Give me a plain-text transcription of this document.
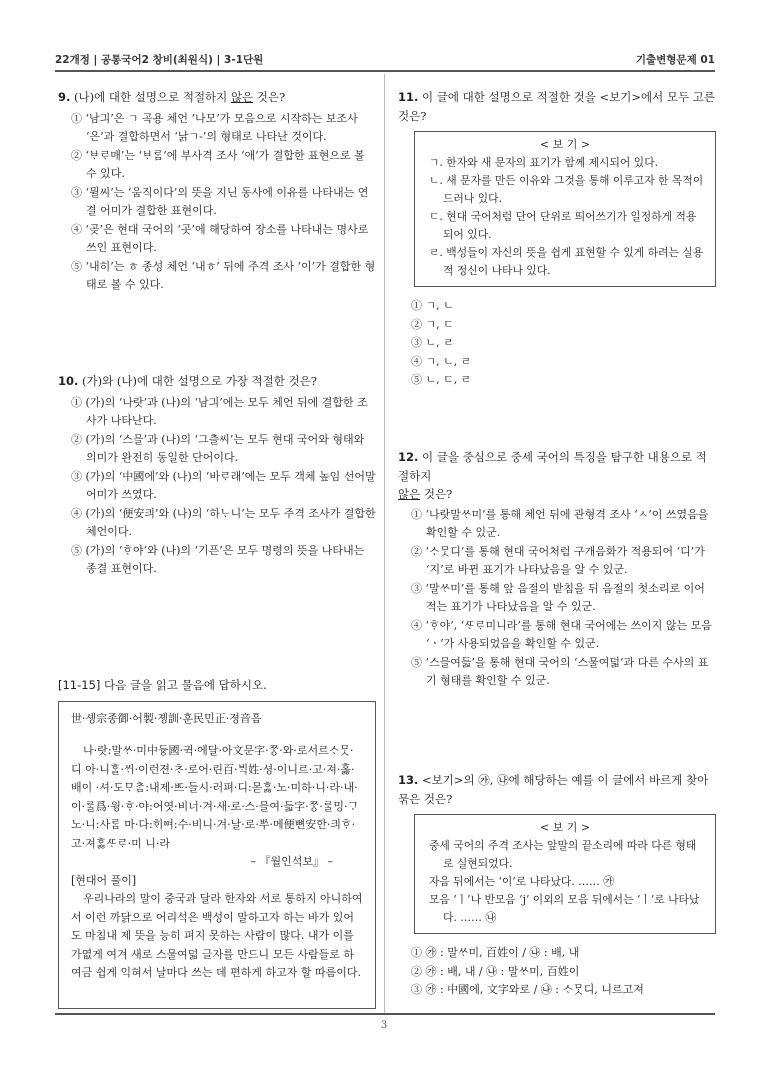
22개정 | 공통국어2 창비(최원식) | 3-1단원	기출변형문제 01

9. (나)에 대한 설명으로 적절하지 않은 것은?

① ‘남긔’은 ㄱ 곡용 체언 ‘나모’가 모음으로 시작하는 보조사 ‘은’과 결합하면서 ‘낡ㄱ-’의 형태로 나타난 것이다.

② ‘ᄇᆞᄅᆞ매’는 ‘ᄇᆞᄅᆞᆷ’에 부사격 조사 ‘애’가 결합한 표현으로 볼 수 있다.

③ ‘뮐씨’는 ‘움직이다’의 뜻을 지닌 동사에 이유를 나타내는 연결 어미가 결합한 표현이다.

④ ‘곶’은 현대 국어의 ‘곳’에 해당하여 장소를 나타내는 명사로 쓰인 표현이다.

⑤ ‘내히’는 ㅎ 종성 체언 ‘내ㅎ’ 뒤에 주격 조사 ‘이’가 결합한 형태로 볼 수 있다.

10. (가)와 (나)에 대한 설명으로 가장 적절한 것은?

① (가)의 ‘나랏’과 (나)의 ‘남긔’에는 모두 체언 뒤에 결합한 조사가 나타난다.

② (가)의 ‘스믈’과 (나)의 ‘그츨씨’는 모두 현대 국어와 형태와 의미가 완전히 동일한 단어이다.

③ (가)의 ‘中國에’와 (나)의 ‘바ᄅᆞ래’에는 모두 객체 높임 선어말 어미가 쓰였다.

④ (가)의 ‘便安킈’와 (나)의 ‘하ᄂᆞ니’는 모두 주격 조사가 결합한 체언이다.

⑤ (가)의 ‘ᄒᆞ야’와 (나)의 ‘기픈’은 모두 명령의 뜻을 나타내는 종결 표현이다.

[11-15] 다음 글을 읽고 물음에 답하시오.

世·솅宗종御·ᅌᅥ製·졩訓·훈民민正·졍音ᅙᅳᆷ

나·랏:말ᄊᆞ·미中듀ᇰ國·귁·에달·아文문字·ᄍᆞᆼ·와·로서르ᄉᆞᄆᆞᆺ·디 아·니ᄒᆞᆯ·ᄊᆡ·이런젼·ᄎᆞ·로어·린百·ᄇᆡᆨ姓·셩·이니르·고·져·홇·배이 ·셔·도ᄆᆞᄎᆞᆷ:내제·ᄠᅳ·들시·러펴·디:몯ᄒᆞᇙ·노·미하·니·라·내·이·ᄅᆞᆯ爲·윙·ᄒᆞ·야:어엿·비너·겨·새·로·스·믈여·듧字·ᄍᆞᆼ·ᄅᆞᆯ밍·ᄀᆞ노·니:사ᄅᆞᆷ 마·다:ᄒᆡᅇᅧ:수·비니·겨·날·로·ᄡᅮ·메便뼌安ᅙᅡᆫ·킈ᄒᆞ·고·져ᄒᆞᇙᄯᆞᄅᆞ·미 니·라

– 『월인석보』 –

[현대어 풀이]

우리나라의 말이 중국과 달라 한자와 서로 통하지 아니하여서 이런 까닭으로 어리석은 백성이 말하고자 하는 바가 있어도 마침내 제 뜻을 능히 펴지 못하는 사람이 많다. 내가 이를 가엾게 여겨 새로 스물여덟 글자를 만드니 모든 사람들로 하여금 쉽게 익혀서 날마다 쓰는 데 편하게 하고자 할 따름이다.

11. 이 글에 대한 설명으로 적절한 것을 <보기>에서 모두 고른 것은?

< 보 기 >

ㄱ. 한자와 새 문자의 표기가 함께 제시되어 있다.

ㄴ. 새 문자를 만든 이유와 그것을 통해 이루고자 한 목적이 드러나 있다.

ㄷ. 현대 국어처럼 단어 단위로 띄어쓰기가 일정하게 적용되어 있다.

ㄹ. 백성들이 자신의 뜻을 쉽게 표현할 수 있게 하려는 실용적 정신이 나타나 있다.

① ㄱ, ㄴ

② ㄱ, ㄷ

③ ㄴ, ㄹ

④ ㄱ, ㄴ, ㄹ

⑤ ㄴ, ㄷ, ㄹ

12. 이 글을 중심으로 중세 국어의 특징을 탐구한 내용으로 적절하지
않은 것은?

① ‘나랏말ᄊᆞ미’를 통해 체언 뒤에 관형격 조사 ‘ㅅ’이 쓰였음을 확인할 수 있군.

② ‘ᄉᆞᄆᆞᆺ디’를 통해 현대 국어처럼 구개음화가 적용되어 ‘디’가 ‘지’로 바뀐 표기가 나타났음을 알 수 있군.

③ ‘말ᄊᆞ미’를 통해 앞 음절의 받침을 뒤 음절의 첫소리로 이어 적는 표기가 나타났음을 알 수 있군.

④ ‘ᄒᆞ야’, ‘ᄯᆞᄅᆞ미니라’를 통해 현대 국어에는 쓰이지 않는 모음 ‘ㆍ’가 사용되었음을 확인할 수 있군.

⑤ ‘스믈여듧’을 통해 현대 국어의 ‘스물여덟’과 다른 수사의 표기 형태를 확인할 수 있군.

13. <보기>의 ㉮, ㉯에 해당하는 예를 이 글에서 바르게 찾아 묶은 것은?

< 보 기 >

중세 국어의 주격 조사는 앞말의 끝소리에 따라 다른 형태로 실현되었다.

자음 뒤에서는 ‘이’로 나타났다. …… ㉮

모음 ‘ㅣ’나 반모음 ‘j’ 이외의 모음 뒤에서는 ‘ㅣ’로 나타났다. …… ㉯

① ㉮ : 말ᄊᆞ미, 百姓이 / ㉯ : 배, 내

② ㉮ : 배, 내 / ㉯ : 말ᄊᆞ미, 百姓이

③ ㉮ : 中國에, 文字와로 / ㉯ : ᄉᆞᄆᆞᆺ디, 니르고져

3
